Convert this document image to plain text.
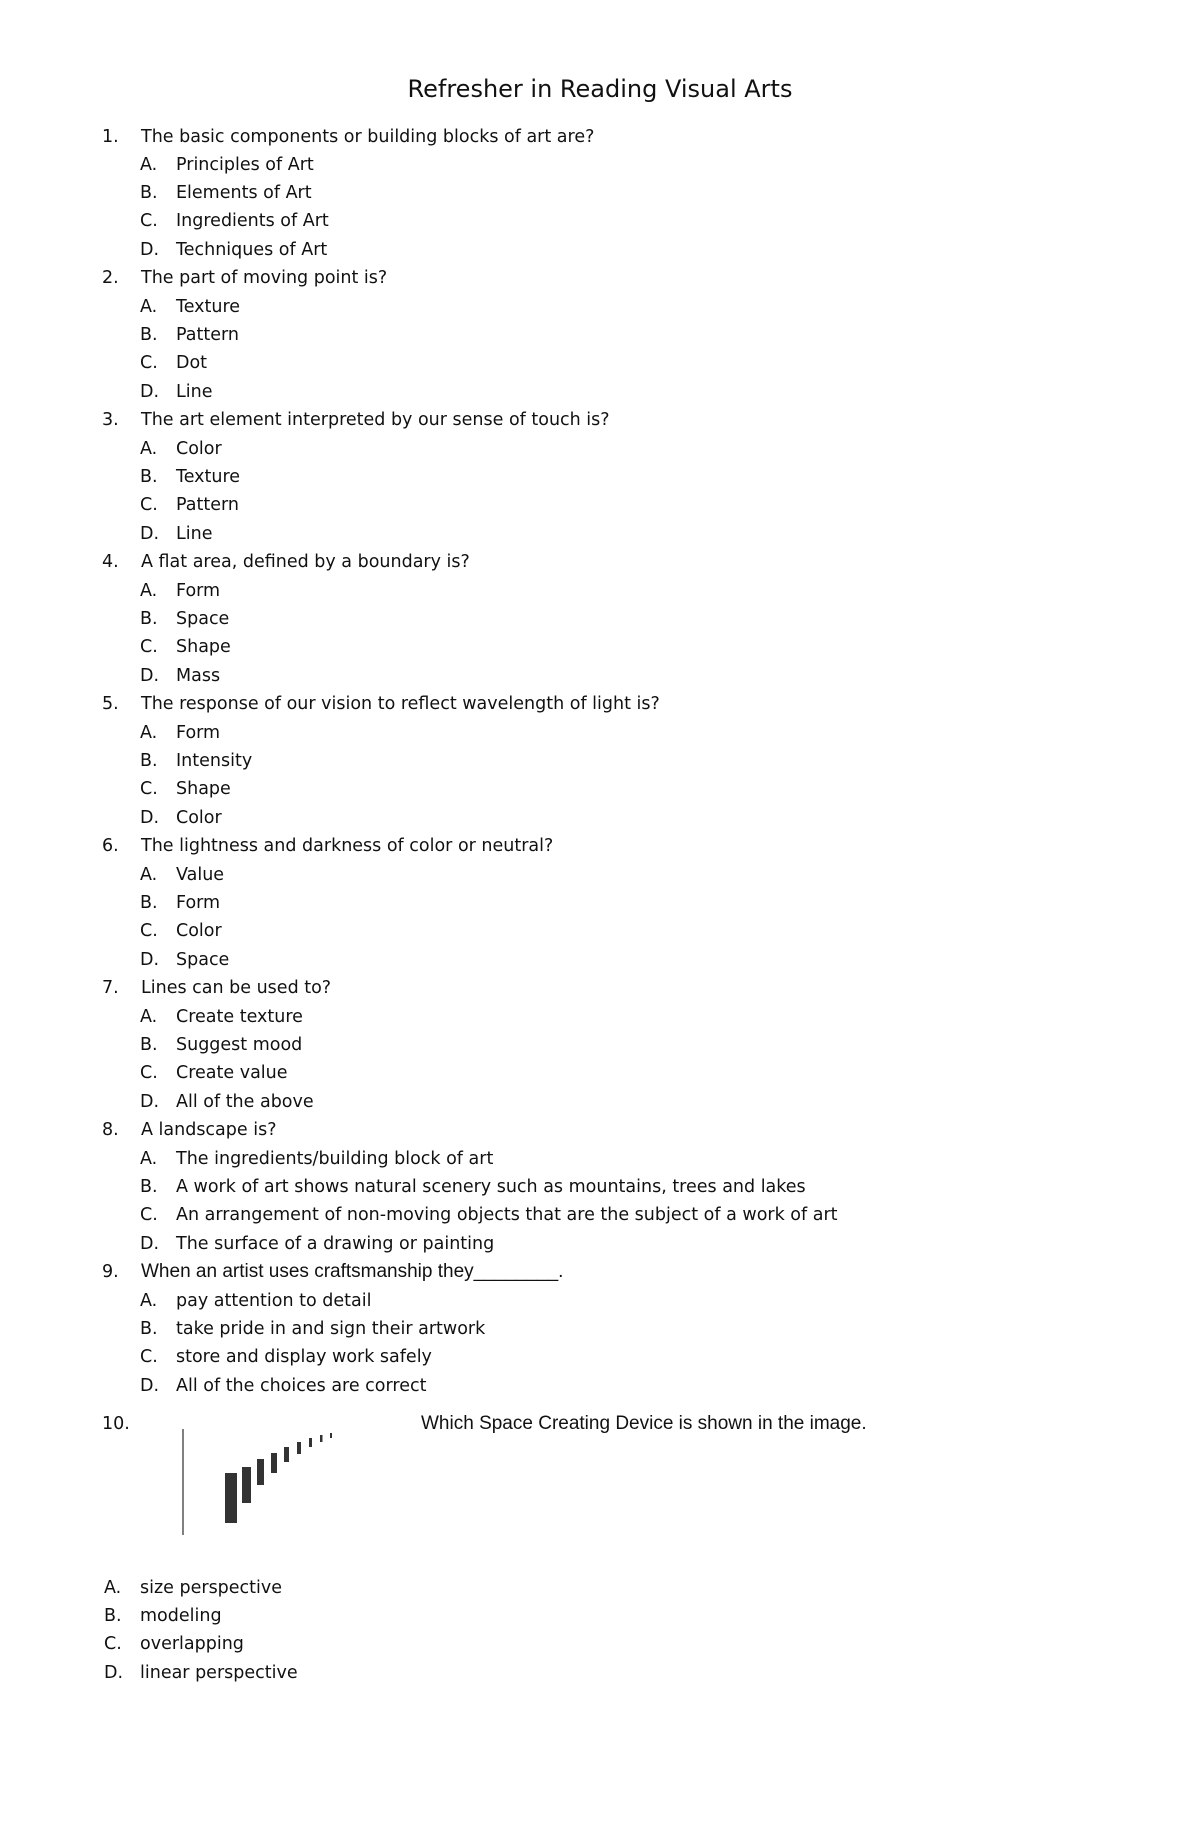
Refresher in Reading Visual Arts
1. The basic components or building blocks of art are?
A. Principles of Art
B. Elements of Art
C. Ingredients of Art
D. Techniques of Art
2. The part of moving point is?
A. Texture
B. Pattern
C. Dot
D. Line
3. The art element interpreted by our sense of touch is?
A. Color
B. Texture
C. Pattern
D. Line
4. A flat area, defined by a boundary is?
A. Form
B. Space
C. Shape
D. Mass
5. The response of our vision to reflect wavelength of light is?
A. Form
B. Intensity
C. Shape
D. Color
6. The lightness and darkness of color or neutral?
A. Value
B. Form
C. Color
D. Space
7. Lines can be used to?
A. Create texture
B. Suggest mood
C. Create value
D. All of the above
8. A landscape is?
A. The ingredients/building block of art
B. A work of art shows natural scenery such as mountains, trees and lakes
C. An arrangement of non-moving objects that are the subject of a work of art
D. The surface of a drawing or painting
9. When an artist uses craftsmanship they________.
A. pay attention to detail
B. take pride in and sign their artwork
C. store and display work safely
D. All of the choices are correct
10.	Which Space Creating Device is shown in the image.
A. size perspective
B. modeling
C. overlapping
D. linear perspective
